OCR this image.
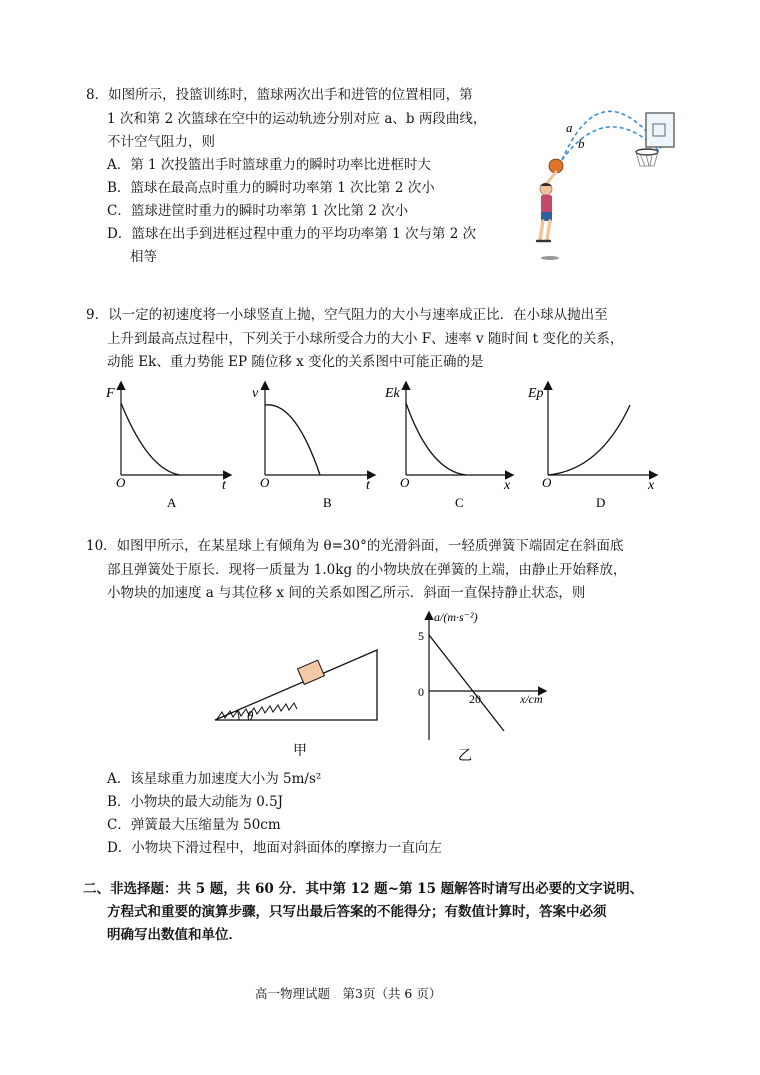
8．如图所示，投篮训练时，篮球两次出手和进管的位置相同，第
1 次和第 2 次篮球在空中的运动轨迹分别对应 a、b 两段曲线，
不计空气阻力，则
A．第 1 次投篮出手时篮球重力的瞬时功率比进框时大
B．篮球在最高点时重力的瞬时功率第 1 次比第 2 次小
C．篮球进筐时重力的瞬时功率第 1 次比第 2 次小
D．篮球在出手到进框过程中重力的平均功率第 1 次与第 2 次
相等
a
b
9．以一定的初速度将一小球竖直上抛，空气阻力的大小与速率成正比．在小球从抛出至
上升到最高点过程中，下列关于小球所受合力的大小 F、速率 v 随时间 t 变化的关系，
动能 Ek、重力势能 EP 随位移 x 变化的关系图中可能正确的是
F
O	t
A
v
O	t
B
Ek
O	x
C
Ep
O	x
D
10．如图甲所示，在某星球上有倾角为 θ=30°的光滑斜面，一轻质弹簧下端固定在斜面底
部且弹簧处于原长．现将一质量为 1.0kg 的小物块放在弹簧的上端，由静止开始释放，
小物块的加速度 a 与其位移 x 间的关系如图乙所示．斜面一直保持静止状态，则
θ
甲
a/(m·s⁻²)
5
0	20	x/cm
乙
A．该星球重力加速度大小为 5m/s²
B．小物块的最大动能为 0.5J
C．弹簧最大压缩量为 50cm
D．小物块下滑过程中，地面对斜面体的摩擦力一直向左
二、非选择题：共 5 题，共 60 分．其中第 12 题~第 15 题解答时请写出必要的文字说明、
方程式和重要的演算步骤，只写出最后答案的不能得分；有数值计算时，答案中必须
明确写出数值和单位．
高一物理试题　第3页（共 6 页）
